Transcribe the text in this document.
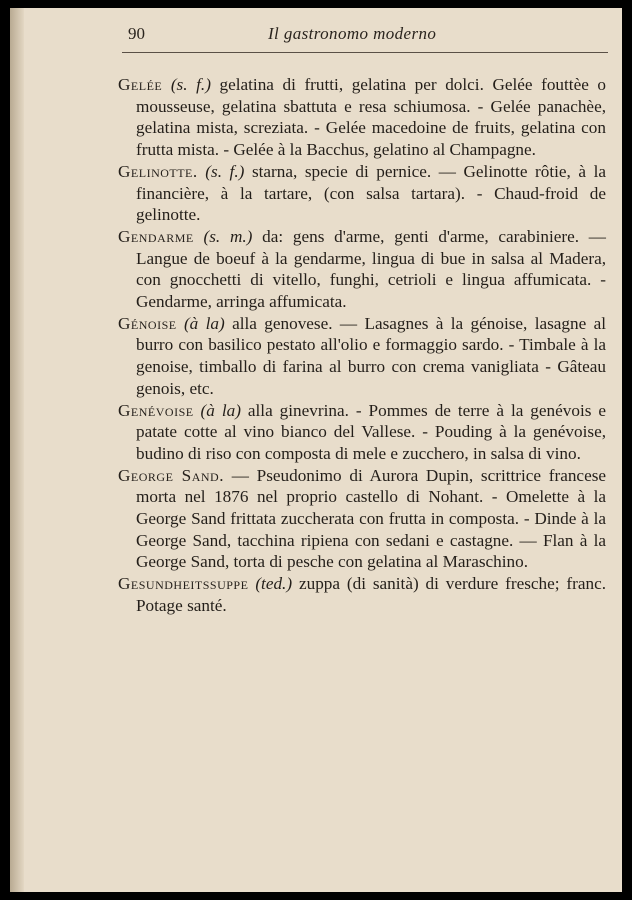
90	Il gastronomo moderno

Gelée (s. f.) gelatina di frutti, gelatina per dolci. Gelée fouttèe o mousseuse, gelatina sbattuta e resa schiumosa. - Gelée panachèe, gelatina mista, screziata. - Gelée macedoine de fruits, gelatina con frutta mista. - Gelée à la Bacchus, gelatino al Champagne.

Gelinotte. (s. f.) starna, specie di pernice. — Gelinotte rôtie, à la financière, à la tartare, (con salsa tartara). - Chaud-froid de gelinotte.

Gendarme (s. m.) da: gens d'arme, genti d'arme, carabiniere. — Langue de boeuf à la gendarme, lingua di bue in salsa al Madera, con gnocchetti di vitello, funghi, cetrioli e lingua affumicata. - Gendarme, arringa affumicata.

Génoise (à la) alla genovese. — Lasagnes à la génoise, lasagne al burro con basilico pestato all'olio e formaggio sardo. - Timbale à la genoise, timballo di farina al burro con crema vanigliata - Gâteau genois, etc.

Genévoise (à la) alla ginevrina. - Pommes de terre à la genévois e patate cotte al vino bianco del Vallese. - Pouding à la genévoise, budino di riso con composta di mele e zucchero, in salsa di vino.

George Sand. — Pseudonimo di Aurora Dupin, scrittrice francese morta nel 1876 nel proprio castello di Nohant. - Omelette à la George Sand frittata zuccherata con frutta in composta. - Dinde à la George Sand, tacchina ripiena con sedani e castagne. — Flan à la George Sand, torta di pesche con gelatina al Maraschino.

Gesundheitssuppe (ted.) zuppa (di sanità) di verdure fresche; franc. Potage santé.
